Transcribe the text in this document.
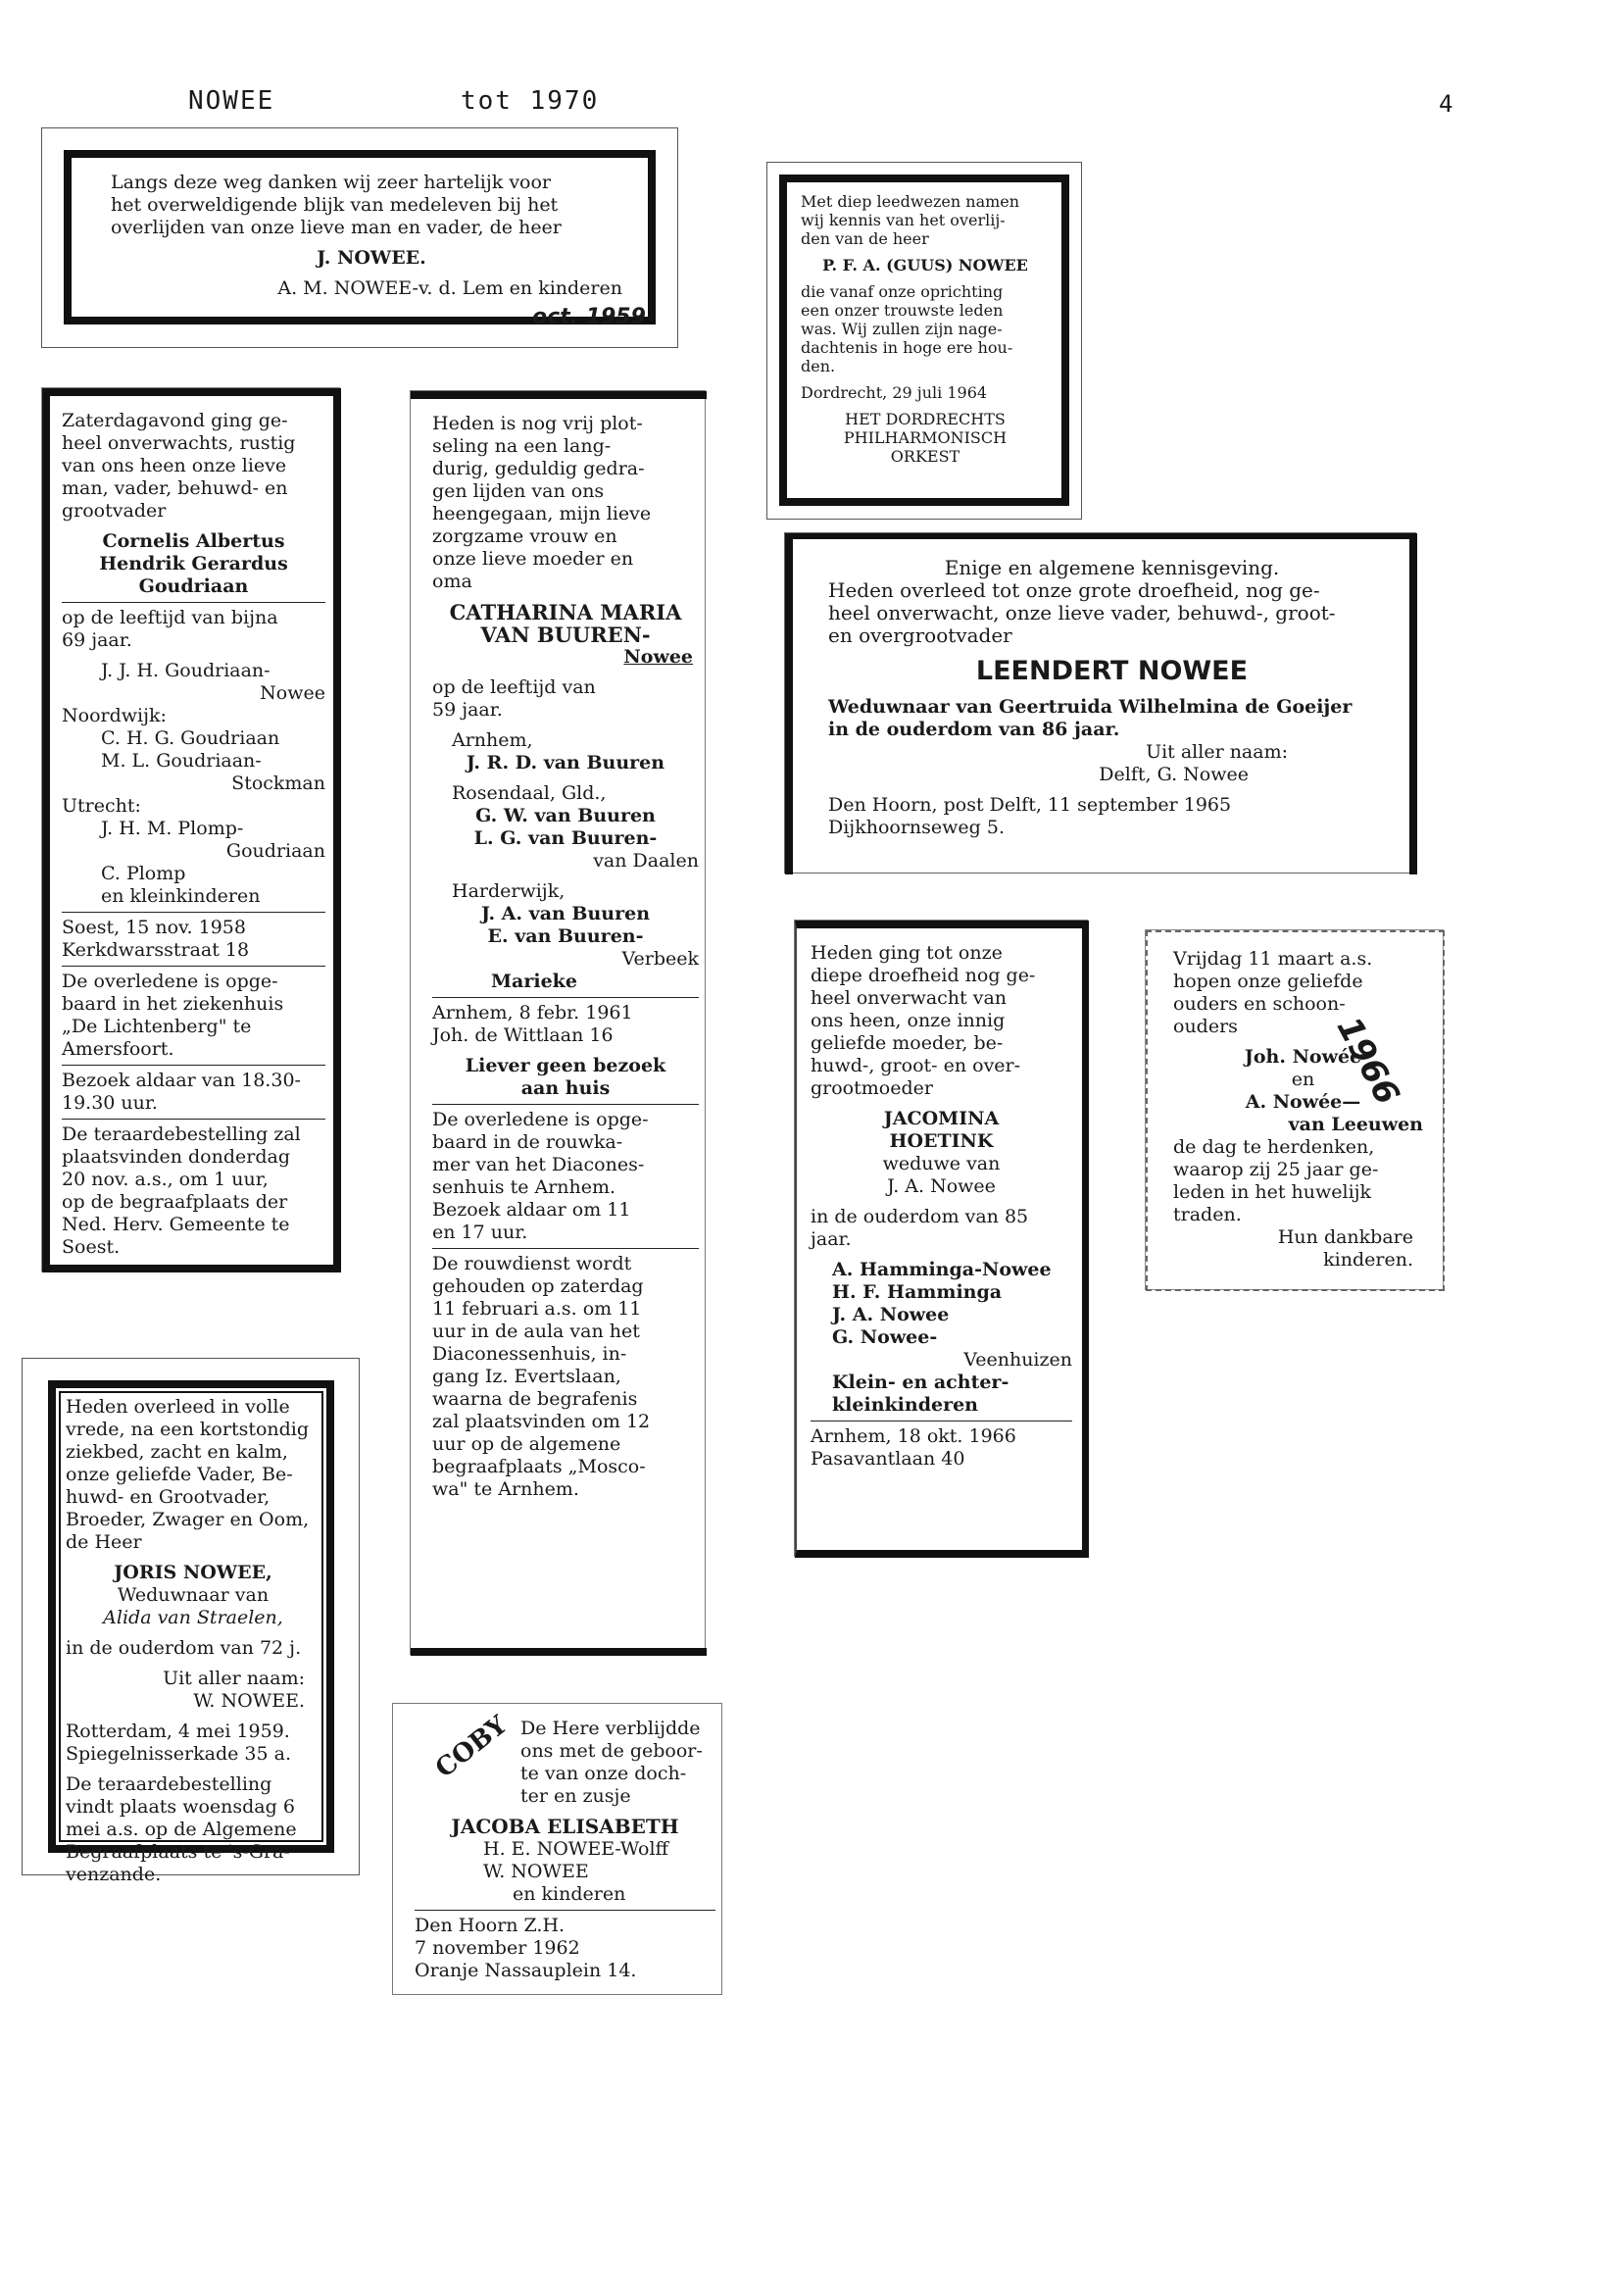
NOWEE	tot 1970	4
Langs deze weg danken wij zeer hartelijk voor
het overweldigende blijk van medeleven bij het
overlijden van onze lieve man en vader, de heer
J. NOWEE.
A. M. NOWEE-v. d. Lem en kinderen
oct. 1959
Met diep leedwezen namen
wij kennis van het overlij-
den van de heer
P. F. A. (GUUS) NOWEE
die vanaf onze oprichting
een onzer trouwste leden
was. Wij zullen zijn nage-
dachtenis in hoge ere hou-
den.
Dordrecht, 29 juli 1964
HET DORDRECHTS
PHILHARMONISCH
ORKEST
Zaterdagavond ging ge-
heel onverwachts, rustig
van ons heen onze lieve
man, vader, behuwd- en
grootvader
Cornelis Albertus
Hendrik Gerardus
Goudriaan
op de leeftijd van bijna
69 jaar.
J. J. H. Goudriaan-
Nowee
Noordwijk:
C. H. G. Goudriaan
M. L. Goudriaan-
Stockman
Utrecht:
J. H. M. Plomp-
Goudriaan
C. Plomp
en kleinkinderen
Soest, 15 nov. 1958
Kerkdwarsstraat 18
De overledene is opge-
baard in het ziekenhuis
„De Lichtenberg" te
Amersfoort.
Bezoek aldaar van 18.30-
19.30 uur.
De teraardebestelling zal
plaatsvinden donderdag
20 nov. a.s., om 1 uur,
op de begraafplaats der
Ned. Herv. Gemeente te
Soest.
Heden is nog vrij plot-
seling na een lang-
durig, geduldig gedra-
gen lijden van ons
heengegaan, mijn lieve
zorgzame vrouw en
onze lieve moeder en
oma
CATHARINA MARIA
VAN BUUREN-
Nowee
op de leeftijd van
59 jaar.
Arnhem,
J. R. D. van Buuren
Rosendaal, Gld.,
G. W. van Buuren
L. G. van Buuren-
van Daalen
Harderwijk,
J. A. van Buuren
E. van Buuren-
Verbeek
Marieke
Arnhem, 8 febr. 1961
Joh. de Wittlaan 16
Liever geen bezoek
aan huis
De overledene is opge-
baard in de rouwka-
mer van het Diacones-
senhuis te Arnhem.
Bezoek aldaar om 11
en 17 uur.
De rouwdienst wordt
gehouden op zaterdag
11 februari a.s. om 11
uur in de aula van het
Diaconessenhuis, in-
gang Iz. Evertslaan,
waarna de begrafenis
zal plaatsvinden om 12
uur op de algemene
begraafplaats „Mosco-
wa" te Arnhem.
Enige en algemene kennisgeving.
Heden overleed tot onze grote droefheid, nog ge-
heel onverwacht, onze lieve vader, behuwd-, groot-
en overgrootvader
LEENDERT NOWEE
Weduwnaar van Geertruida Wilhelmina de Goeijer
in de ouderdom van 86 jaar.
Uit aller naam:
Delft, G. Nowee
Den Hoorn, post Delft, 11 september 1965
Dijkhoornseweg 5.
Heden ging tot onze
diepe droefheid nog ge-
heel onverwacht van
ons heen, onze innig
geliefde moeder, be-
huwd-, groot- en over-
grootmoeder
JACOMINA
HOETINK
weduwe van
J. A. Nowee
in de ouderdom van 85
jaar.
A. Hamminga-Nowee
H. F. Hamminga
J. A. Nowee
G. Nowee-
Veenhuizen
Klein- en achter-
kleinkinderen
Arnhem, 18 okt. 1966
Pasavantlaan 40
Vrijdag 11 maart a.s.
hopen onze geliefde
ouders en schoon-
ouders
Joh. Nowée
en
A. Nowée—
van Leeuwen
de dag te herdenken,
waarop zij 25 jaar ge-
leden in het huwelijk
traden.
Hun dankbare
kinderen.
1966
Heden overleed in volle
vrede, na een kortstondig
ziekbed, zacht en kalm,
onze geliefde Vader, Be-
huwd- en Grootvader,
Broeder, Zwager en Oom,
de Heer
JORIS NOWEE,
Weduwnaar van
Alida van Straelen,
in de ouderdom van 72 j.
Uit aller naam:
W. NOWEE.
Rotterdam, 4 mei 1959.
Spiegelnisserkade 35 a.
De teraardebestelling
vindt plaats woensdag 6
mei a.s. op de Algemene
Begraafplaats te 's-Gra-
venzande.
COBY De Here verblijdde
ons met de geboor-
te van onze doch-
ter en zusje
JACOBA ELISABETH
H. E. NOWEE-Wolff
W. NOWEE
en kinderen
Den Hoorn Z.H.
7 november 1962
Oranje Nassauplein 14.
